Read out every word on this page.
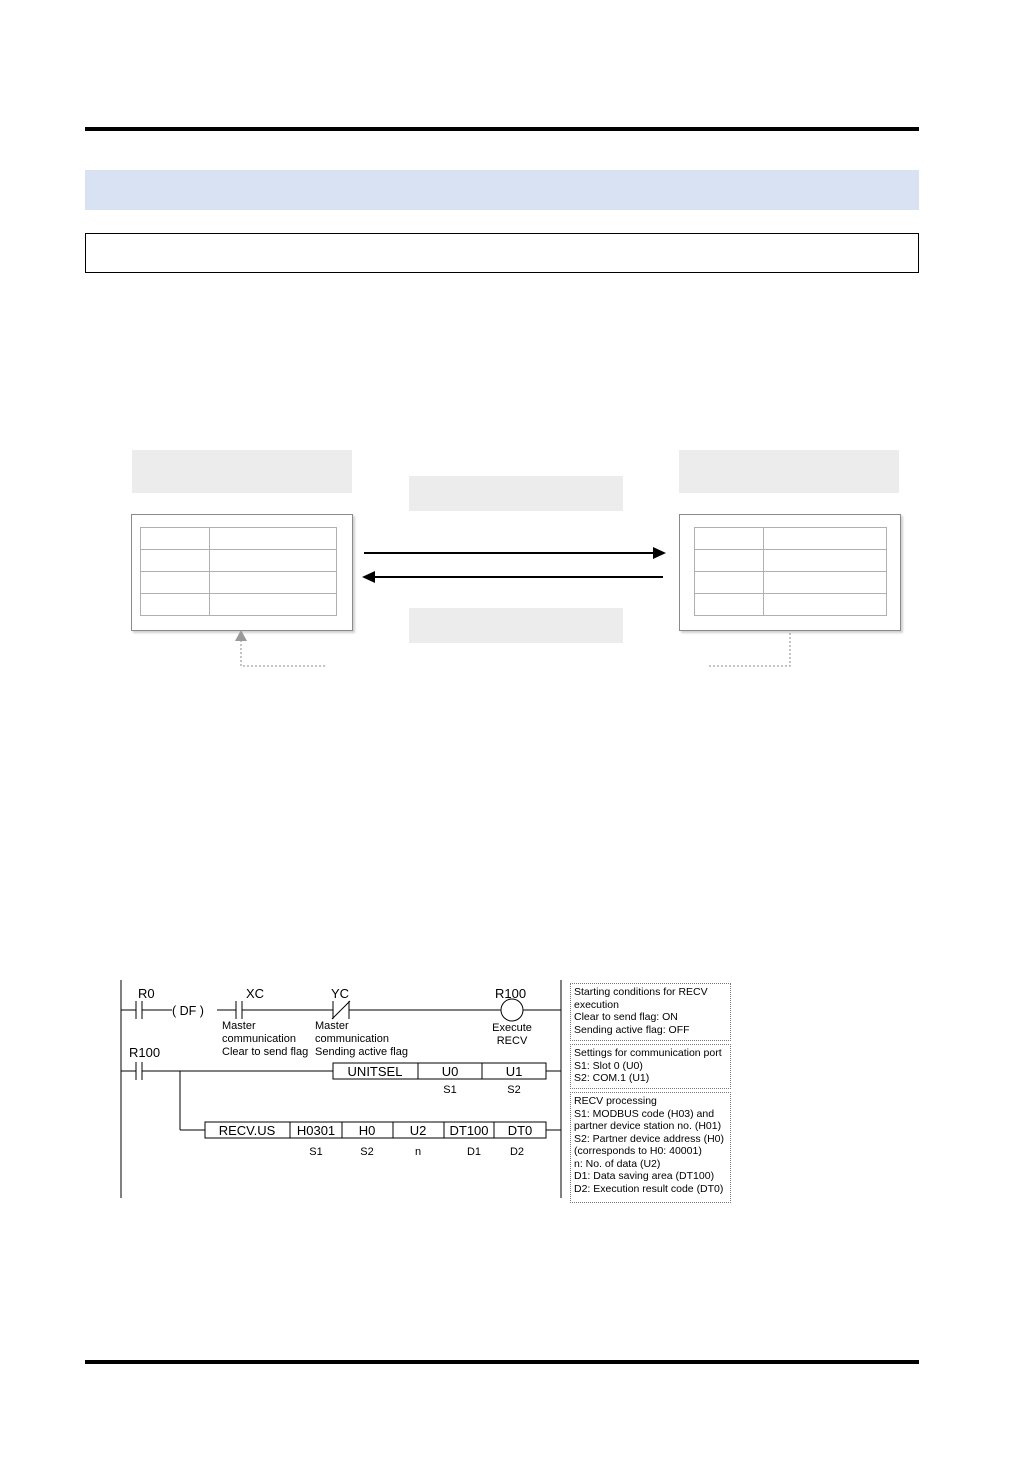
R0
( DF )
XC	YC	R100
R100
UNITSEL	U0	U1
RECV.US H0301 H0	U2 DT100 DT0
Master
communication
Clear to send flag
Master
communication
Sending active flag
Execute
RECV
S1	S2
S1	S2	n	D1	D2
Starting conditions for RECV
execution
Clear to send flag: ON
Sending active flag: OFF
Settings for communication port
S1: Slot 0 (U0)
S2: COM.1 (U1)
RECV processing
S1: MODBUS code (H03) and
partner device station no. (H01)
S2: Partner device address (H0)
(corresponds to H0: 40001)
n: No. of data (U2)
D1: Data saving area (DT100)
D2: Execution result code (DT0)
